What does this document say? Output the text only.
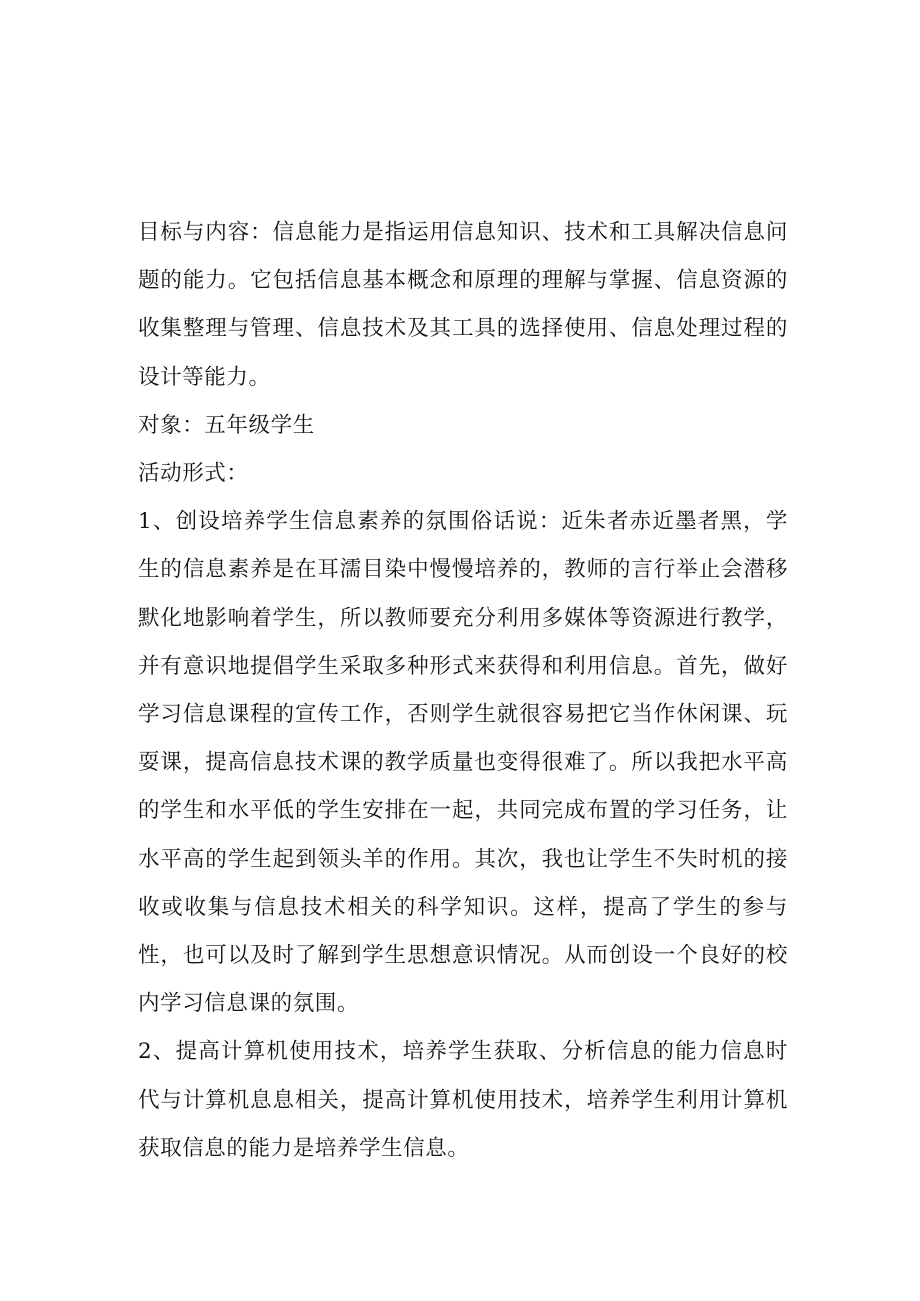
目标与内容：信息能力是指运用信息知识、技术和工具解决信息问题的能力。它包括信息基本概念和原理的理解与掌握、信息资源的收集整理与管理、信息技术及其工具的选择使用、信息处理过程的设计等能力。

对象：五年级学生

活动形式：

1、创设培养学生信息素养的氛围俗话说：近朱者赤近墨者黑，学生的信息素养是在耳濡目染中慢慢培养的，教师的言行举止会潜移默化地影响着学生，所以教师要充分利用多媒体等资源进行教学，并有意识地提倡学生采取多种形式来获得和利用信息。首先，做好学习信息课程的宣传工作，否则学生就很容易把它当作休闲课、玩耍课，提高信息技术课的教学质量也变得很难了。所以我把水平高的学生和水平低的学生安排在一起，共同完成布置的学习任务，让水平高的学生起到领头羊的作用。其次，我也让学生不失时机的接收或收集与信息技术相关的科学知识。这样，提高了学生的参与性，也可以及时了解到学生思想意识情况。从而创设一个良好的校内学习信息课的氛围。

2、提高计算机使用技术，培养学生获取、分析信息的能力信息时代与计算机息息相关，提高计算机使用技术，培养学生利用计算机获取信息的能力是培养学生信息。
